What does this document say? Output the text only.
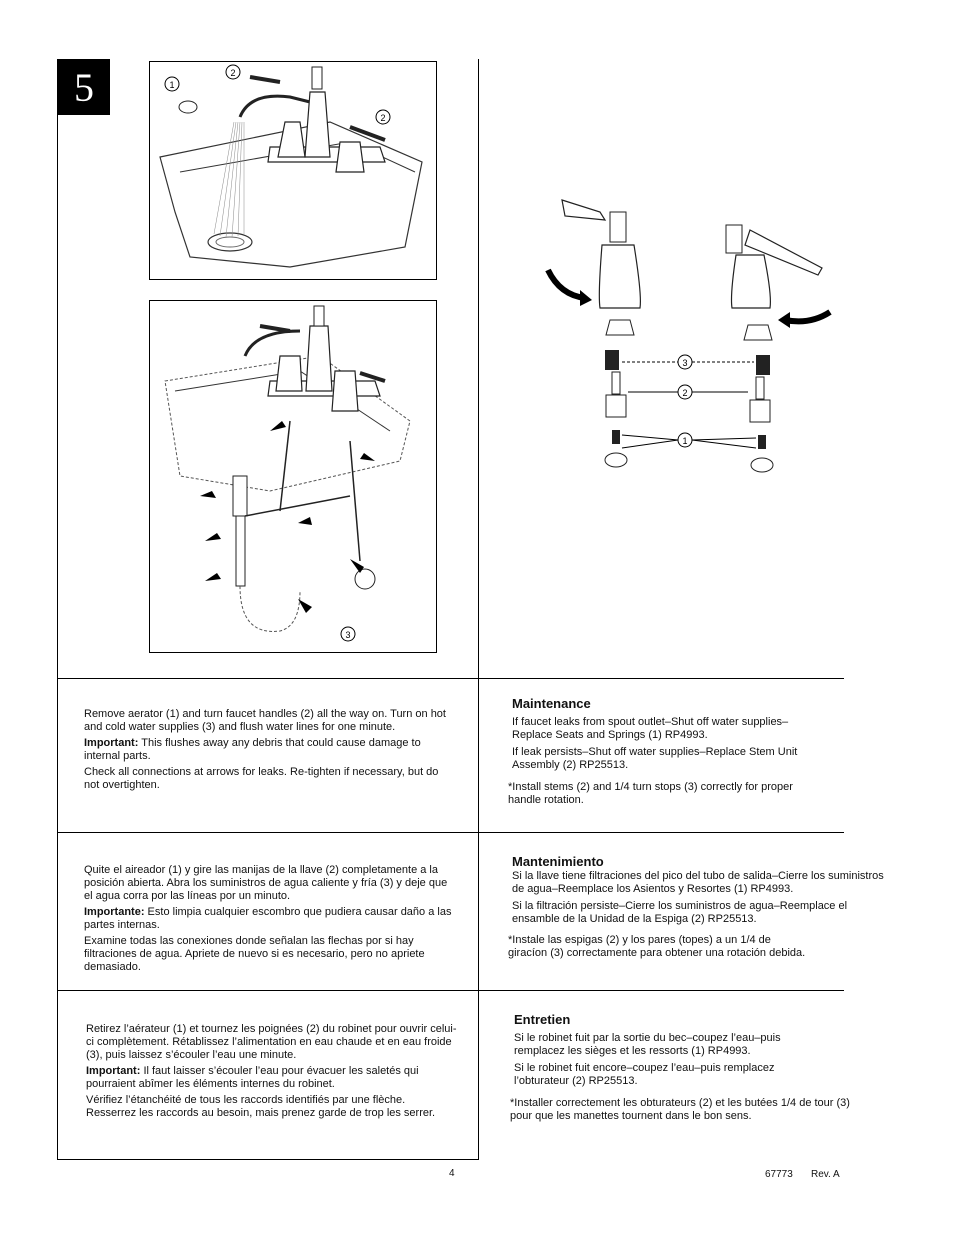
5	1
2
2
3
3
2
1

Remove aerator (1) and turn faucet handles (2) all the way on. Turn on hot and cold water supplies (3) and flush water lines for one minute.

Important: This flushes away any debris that could cause damage to internal parts.

Check all connections at arrows for leaks. Re-tighten if necessary, but do not overtighten.

Maintenance

If faucet leaks from spout outlet–Shut off water supplies–Replace Seats and Springs (1) RP4993.

If leak persists–Shut off water supplies–Replace Stem Unit Assembly (2) RP25513.

*Install stems (2) and 1/4 turn stops (3) correctly for proper handle rotation.

Quite el aireador (1) y gire las manijas de la llave (2) completamente a la posición abierta. Abra los suministros de agua caliente y fría (3) y deje que el agua corra por las líneas por un minuto.

Importante: Esto limpia cualquier escombro que pudiera causar daño a las partes internas.

Examine todas las conexiones donde señalan las flechas por si hay filtraciones de agua. Apriete de nuevo si es necesario, pero no apriete demasiado.

Mantenimiento

Si la llave tiene filtraciones del pico del tubo de salida–Cierre los suministros de agua–Reemplace los Asientos y Resortes (1) RP4993.

Si la filtración persiste–Cierre los suministros de agua–Reemplace el ensamble de la Unidad de la Espiga (2) RP25513.

*Instale las espigas (2) y los pares (topes) a un 1/4 de giracíon (3) correctamente para obtener una rotación debida.

Retirez l’aérateur (1) et tournez les poignées (2) du robinet pour ouvrir celui-ci complètement. Rétablissez l’alimentation en eau chaude et en eau froide (3), puis laissez s’écouler l’eau une minute.

Important: Il faut laisser s’écouler l’eau pour évacuer les saletés qui pourraient abîmer les éléments internes du robinet.

Vérifiez l’étanchéité de tous les raccords identifiés par une flèche. Resserrez les raccords au besoin, mais prenez garde de trop les serrer.

Entretien

Si le robinet fuit par la sortie du bec–coupez l’eau–puis remplacez les sièges et les ressorts (1) RP4993.

Si le robinet fuit encore–coupez l’eau–puis remplacez l’obturateur (2) RP25513.

*Installer correctement les obturateurs (2) et les butées 1/4 de tour (3) pour que les manettes tournent dans le bon sens.
4	67773 Rev. A
